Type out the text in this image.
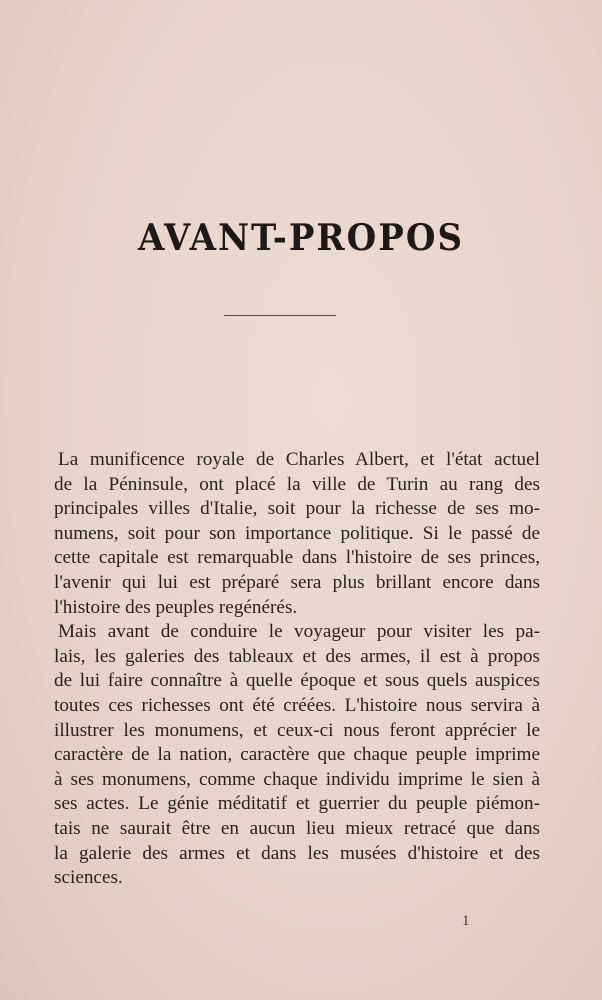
AVANT-PROPOS
La munificence royale de Charles Albert, et l'état actuel
de la Péninsule, ont placé la ville de Turin au rang des
principales villes d'Italie, soit pour la richesse de ses mo-
numens, soit pour son importance politique. Si le passé de
cette capitale est remarquable dans l'histoire de ses princes,
l'avenir qui lui est préparé sera plus brillant encore dans
l'histoire des peuples regénérés.
Mais avant de conduire le voyageur pour visiter les pa-
lais, les galeries des tableaux et des armes, il est à propos
de lui faire connaître à quelle époque et sous quels auspices
toutes ces richesses ont été créées. L'histoire nous servira à
illustrer les monumens, et ceux-ci nous feront apprécier le
caractère de la nation, caractère que chaque peuple imprime
à ses monumens, comme chaque individu imprime le sien à
ses actes. Le génie méditatif et guerrier du peuple piémon-
tais ne saurait être en aucun lieu mieux retracé que dans
la galerie des armes et dans les musées d'histoire et des
sciences.
1
